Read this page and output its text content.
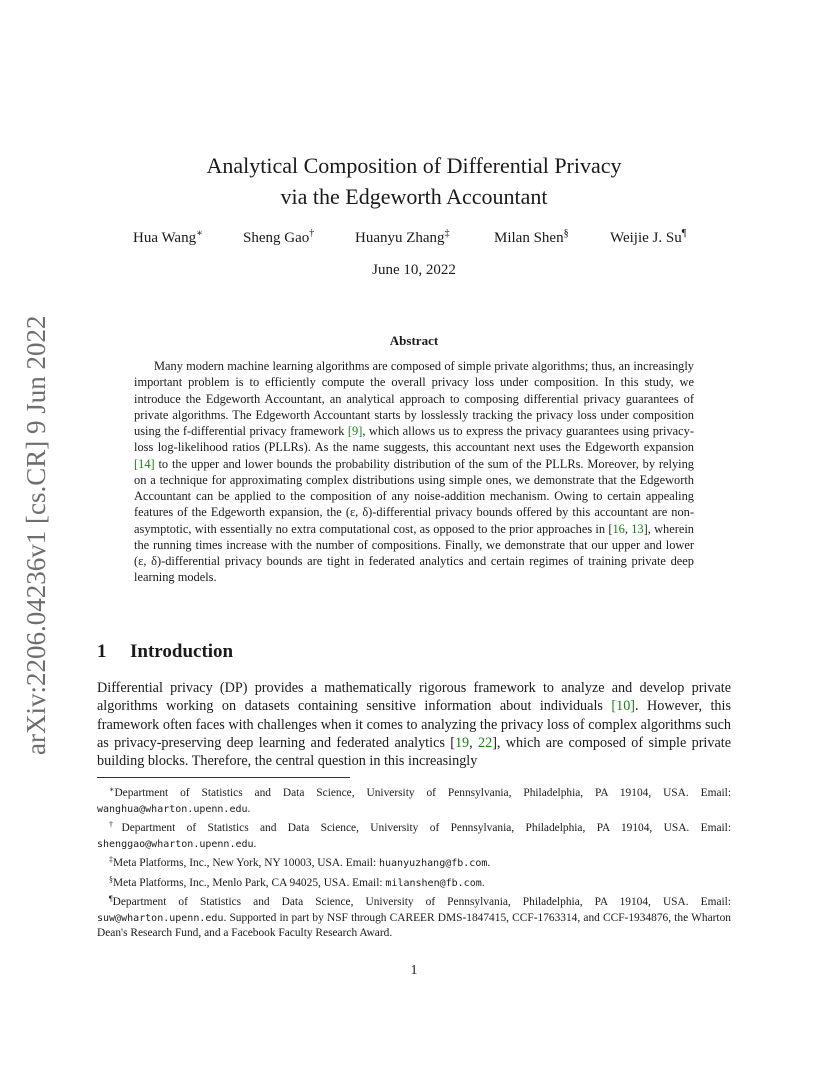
arXiv:2206.04236v1 [cs.CR] 9 Jun 2022
Analytical Composition of Differential Privacy
via the Edgeworth Accountant
Hua Wang∗	Sheng Gao†	Huanyu Zhang‡	Milan Shen§	Weijie J. Su¶
June 10, 2022
Abstract

Many modern machine learning algorithms are composed of simple private algorithms; thus, an increasingly important problem is to efficiently compute the overall privacy loss under composition. In this study, we introduce the Edgeworth Accountant, an analytical approach to composing differential privacy guarantees of private algorithms. The Edgeworth Accountant starts by losslessly tracking the privacy loss under composition using the f-differential privacy framework [9], which allows us to express the privacy guarantees using privacy-loss log-likelihood ratios (PLLRs). As the name suggests, this accountant next uses the Edgeworth expansion [14] to the upper and lower bounds the probability distribution of the sum of the PLLRs. Moreover, by relying on a technique for approximating complex distributions using simple ones, we demonstrate that the Edgeworth Accountant can be applied to the composition of any noise-addition mechanism. Owing to certain appealing features of the Edgeworth expansion, the (ε, δ)-differential privacy bounds offered by this accountant are non-asymptotic, with essentially no extra computational cost, as opposed to the prior approaches in [16, 13], wherein the running times increase with the number of compositions. Finally, we demonstrate that our upper and lower (ε, δ)-differential privacy bounds are tight in federated analytics and certain regimes of training private deep learning models.

1 Introduction

Differential privacy (DP) provides a mathematically rigorous framework to analyze and develop private algorithms working on datasets containing sensitive information about individuals [10]. However, this framework often faces with challenges when it comes to analyzing the privacy loss of complex algorithms such as privacy-preserving deep learning and federated analytics [19, 22], which are composed of simple private building blocks. Therefore, the central question in this increasingly

∗Department of Statistics and Data Science, University of Pennsylvania, Philadelphia, PA 19104, USA. Email: wanghua@wharton.upenn.edu.

†Department of Statistics and Data Science, University of Pennsylvania, Philadelphia, PA 19104, USA. Email: shenggao@wharton.upenn.edu.

‡Meta Platforms, Inc., New York, NY 10003, USA. Email: huanyuzhang@fb.com.

§Meta Platforms, Inc., Menlo Park, CA 94025, USA. Email: milanshen@fb.com.

¶Department of Statistics and Data Science, University of Pennsylvania, Philadelphia, PA 19104, USA. Email: suw@wharton.upenn.edu. Supported in part by NSF through CAREER DMS-1847415, CCF-1763314, and CCF-1934876, the Wharton Dean's Research Fund, and a Facebook Faculty Research Award.

1
